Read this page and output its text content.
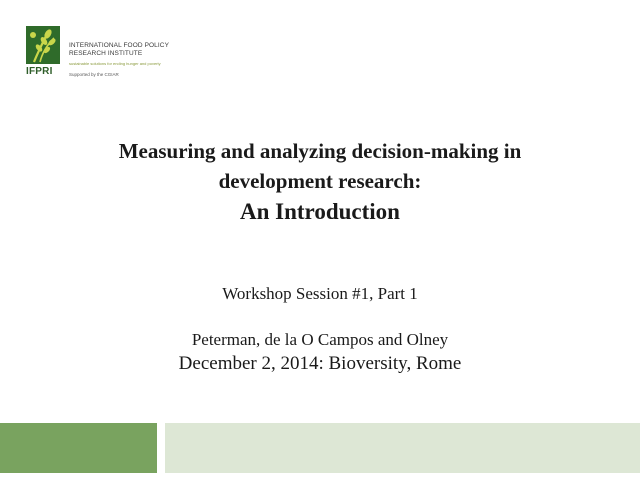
IFPRI
INTERNATIONAL FOOD POLICY
RESEARCH INSTITUTE
sustainable solutions for ending hunger and poverty
Supported by the CGIAR
Measuring and analyzing decision-making in
development research:
An Introduction
Workshop Session #1, Part 1
Peterman, de la O Campos and Olney
December 2, 2014: Bioversity, Rome
